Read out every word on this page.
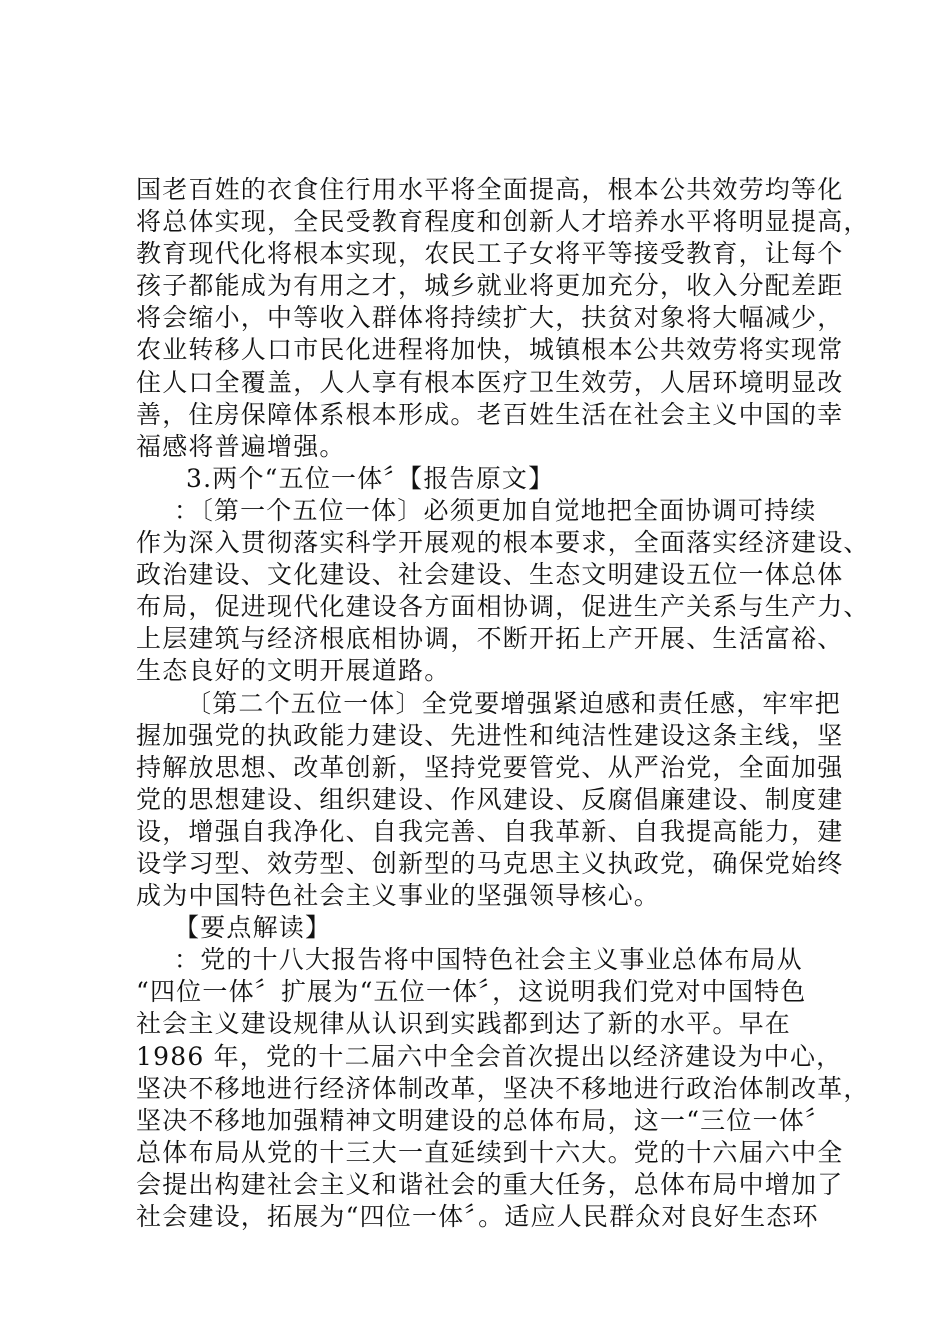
国老百姓的衣食住行用水平将全面提高，根本公共效劳均等化
将总体实现，全民受教育程度和创新人才培养水平将明显提高，
教育现代化将根本实现，农民工子女将平等接受教育，让每个
孩子都能成为有用之才，城乡就业将更加充分，收入分配差距
将会缩小，中等收入群体将持续扩大，扶贫对象将大幅减少，
农业转移人口市民化进程将加快，城镇根本公共效劳将实现常
住人口全覆盖，人人享有根本医疗卫生效劳，人居环境明显改
善，住房保障体系根本形成。老百姓生活在社会主义中国的幸
福感将普遍增强。
3.两个“五位一体〞【报告原文】
：〔第一个五位一体〕必须更加自觉地把全面协调可持续
作为深入贯彻落实科学开展观的根本要求，全面落实经济建设、
政治建设、文化建设、社会建设、生态文明建设五位一体总体
布局，促进现代化建设各方面相协调，促进生产关系与生产力、
上层建筑与经济根底相协调，不断开拓上产开展、生活富裕、
生态良好的文明开展道路。
〔第二个五位一体〕全党要增强紧迫感和责任感，牢牢把
握加强党的执政能力建设、先进性和纯洁性建设这条主线，坚
持解放思想、改革创新，坚持党要管党、从严治党，全面加强
党的思想建设、组织建设、作风建设、反腐倡廉建设、制度建
设，增强自我净化、自我完善、自我革新、自我提高能力，建
设学习型、效劳型、创新型的马克思主义执政党，确保党始终
成为中国特色社会主义事业的坚强领导核心。
【要点解读】
：党的十八大报告将中国特色社会主义事业总体布局从
“四位一体〞扩展为“五位一体〞，这说明我们党对中国特色
社会主义建设规律从认识到实践都到达了新的水平。早在
1986 年，党的十二届六中全会首次提出以经济建设为中心，
坚决不移地进行经济体制改革，坚决不移地进行政治体制改革，
坚决不移地加强精神文明建设的总体布局，这一“三位一体〞
总体布局从党的十三大一直延续到十六大。党的十六届六中全
会提出构建社会主义和谐社会的重大任务，总体布局中增加了
社会建设，拓展为“四位一体〞。适应人民群众对良好生态环
